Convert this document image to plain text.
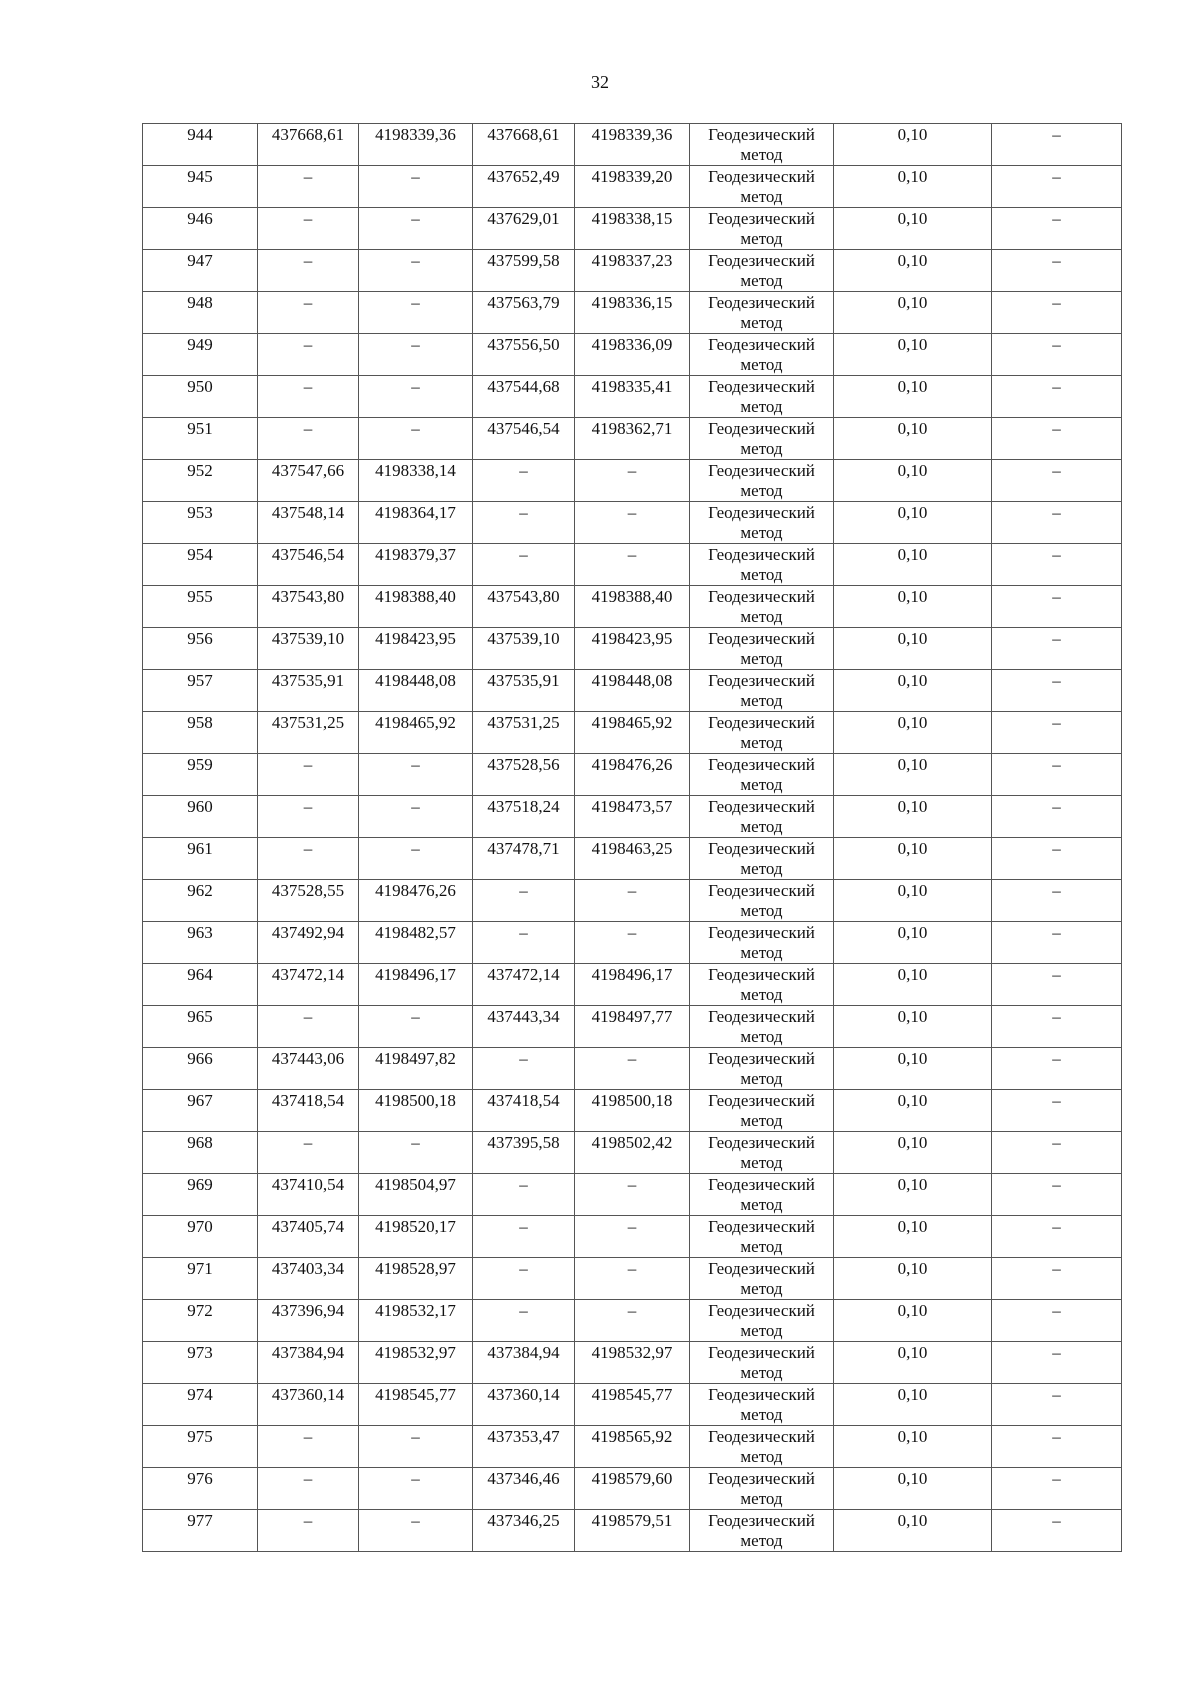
32
944	437668,61	4198339,36	437668,61	4198339,36	Геодезический метод	0,10	–
945	–	–	437652,49	4198339,20	Геодезический метод	0,10	–
946	–	–	437629,01	4198338,15	Геодезический метод	0,10	–
947	–	–	437599,58	4198337,23	Геодезический метод	0,10	–
948	–	–	437563,79	4198336,15	Геодезический метод	0,10	–
949	–	–	437556,50	4198336,09	Геодезический метод	0,10	–
950	–	–	437544,68	4198335,41	Геодезический метод	0,10	–
951	–	–	437546,54	4198362,71	Геодезический метод	0,10	–
952	437547,66	4198338,14	–	–	Геодезический метод	0,10	–
953	437548,14	4198364,17	–	–	Геодезический метод	0,10	–
954	437546,54	4198379,37	–	–	Геодезический метод	0,10	–
955	437543,80	4198388,40	437543,80	4198388,40	Геодезический метод	0,10	–
956	437539,10	4198423,95	437539,10	4198423,95	Геодезический метод	0,10	–
957	437535,91	4198448,08	437535,91	4198448,08	Геодезический метод	0,10	–
958	437531,25	4198465,92	437531,25	4198465,92	Геодезический метод	0,10	–
959	–	–	437528,56	4198476,26	Геодезический метод	0,10	–
960	–	–	437518,24	4198473,57	Геодезический метод	0,10	–
961	–	–	437478,71	4198463,25	Геодезический метод	0,10	–
962	437528,55	4198476,26	–	–	Геодезический метод	0,10	–
963	437492,94	4198482,57	–	–	Геодезический метод	0,10	–
964	437472,14	4198496,17	437472,14	4198496,17	Геодезический метод	0,10	–
965	–	–	437443,34	4198497,77	Геодезический метод	0,10	–
966	437443,06	4198497,82	–	–	Геодезический метод	0,10	–
967	437418,54	4198500,18	437418,54	4198500,18	Геодезический метод	0,10	–
968	–	–	437395,58	4198502,42	Геодезический метод	0,10	–
969	437410,54	4198504,97	–	–	Геодезический метод	0,10	–
970	437405,74	4198520,17	–	–	Геодезический метод	0,10	–
971	437403,34	4198528,97	–	–	Геодезический метод	0,10	–
972	437396,94	4198532,17	–	–	Геодезический метод	0,10	–
973	437384,94	4198532,97	437384,94	4198532,97	Геодезический метод	0,10	–
974	437360,14	4198545,77	437360,14	4198545,77	Геодезический метод	0,10	–
975	–	–	437353,47	4198565,92	Геодезический метод	0,10	–
976	–	–	437346,46	4198579,60	Геодезический метод	0,10	–
977	–	–	437346,25	4198579,51	Геодезический метод	0,10	–
